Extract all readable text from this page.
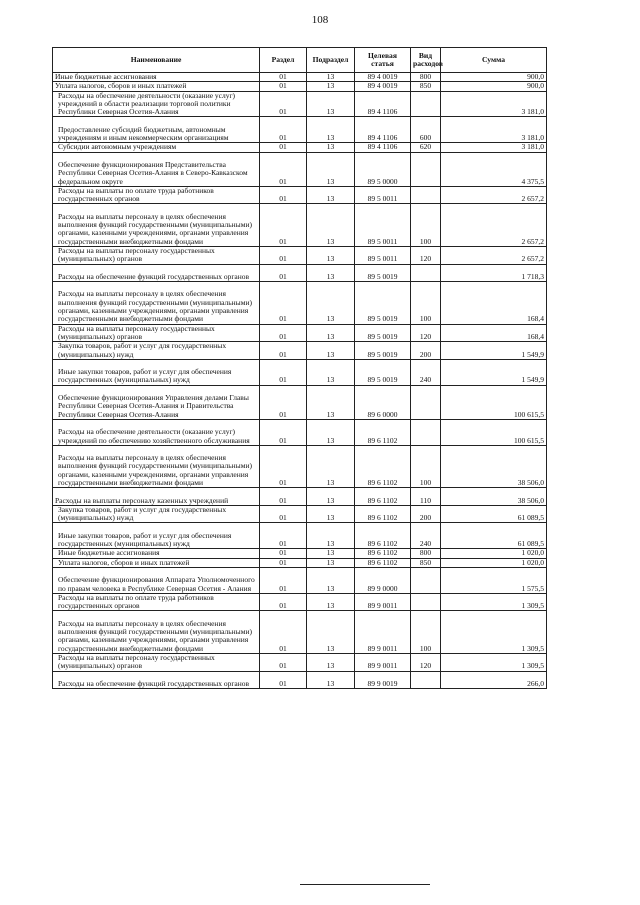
108
Наименование	Раздел	Подраздел	Целевая статья	Вид расходов	Сумма
Иные бюджетные ассигнования	01	13	89 4 0019	800	900,0
Уплата налогов, сборов и иных платежей	01	13	89 4 0019	850	900,0
Расходы на обеспечение деятельности (оказание услуг) учреждений в области реализации торговой политики Республики Северная Осетия-Алания	01	13	89 4 1106		3 181,0
Предоставление субсидий бюджетным, автономным учреждениям и иным некоммерческим организациям	01	13	89 4 1106	600	3 181,0
Субсидии автономным учреждениям	01	13	89 4 1106	620	3 181,0
Обеспечение функционирования Представительства Республики Северная Осетия-Алания в Северо-Кавказском федеральном округе	01	13	89 5 0000		4 375,5
Расходы на выплаты по оплате труда работников государственных органов	01	13	89 5 0011		2 657,2
Расходы на выплаты персоналу в целях обеспечения выполнения функций государственными (муниципальными) органами, казенными учреждениями, органами управления государственными внебюджетными фондами	01	13	89 5 0011	100	2 657,2
Расходы на выплаты персоналу государственных (муниципальных) органов	01	13	89 5 0011	120	2 657,2
Расходы на обеспечение функций государственных органов	01	13	89 5 0019		1 718,3
Расходы на выплаты персоналу в целях обеспечения выполнения функций государственными (муниципальными) органами, казенными учреждениями, органами управления государственными внебюджетными фондами	01	13	89 5 0019	100	168,4
Расходы на выплаты персоналу государственных (муниципальных) органов	01	13	89 5 0019	120	168,4
Закупка товаров, работ и услуг для государственных (муниципальных) нужд	01	13	89 5 0019	200	1 549,9
Иные закупки товаров, работ и услуг для обеспечения государственных (муниципальных) нужд	01	13	89 5 0019	240	1 549,9
Обеспечение функционирования Управления делами Главы Республики Северная Осетия-Алания и Правительства Республики Северная Осетия-Алания	01	13	89 6 0000		100 615,5
Расходы на обеспечение деятельности (оказание услуг) учреждений по обеспечению хозяйственного обслуживания	01	13	89 6 1102		100 615,5
Расходы на выплаты персоналу в целях обеспечения выполнения функций государственными (муниципальными) органами, казенными учреждениями, органами управления государственными внебюджетными фондами	01	13	89 6 1102	100	38 506,0
Расходы на выплаты персоналу казенных учреждений	01	13	89 6 1102	110	38 506,0
Закупка товаров, работ и услуг для государственных (муниципальных) нужд	01	13	89 6 1102	200	61 089,5
Иные закупки товаров, работ и услуг для обеспечения государственных (муниципальных) нужд	01	13	89 6 1102	240	61 089,5
Иные бюджетные ассигнования	01	13	89 6 1102	800	1 020,0
Уплата налогов, сборов и иных платежей	01	13	89 6 1102	850	1 020,0
Обеспечение функционирования Аппарата Уполномоченного по правам человека в Республике Северная Осетия - Алания	01	13	89 9 0000		1 575,5
Расходы на выплаты по оплате труда работников государственных органов	01	13	89 9 0011		1 309,5
Расходы на выплаты персоналу в целях обеспечения выполнения функций государственными (муниципальными) органами, казенными учреждениями, органами управления государственными внебюджетными фондами	01	13	89 9 0011	100	1 309,5
Расходы на выплаты персоналу государственных (муниципальных) органов	01	13	89 9 0011	120	1 309,5
Расходы на обеспечение функций государственных органов	01	13	89 9 0019		266,0
